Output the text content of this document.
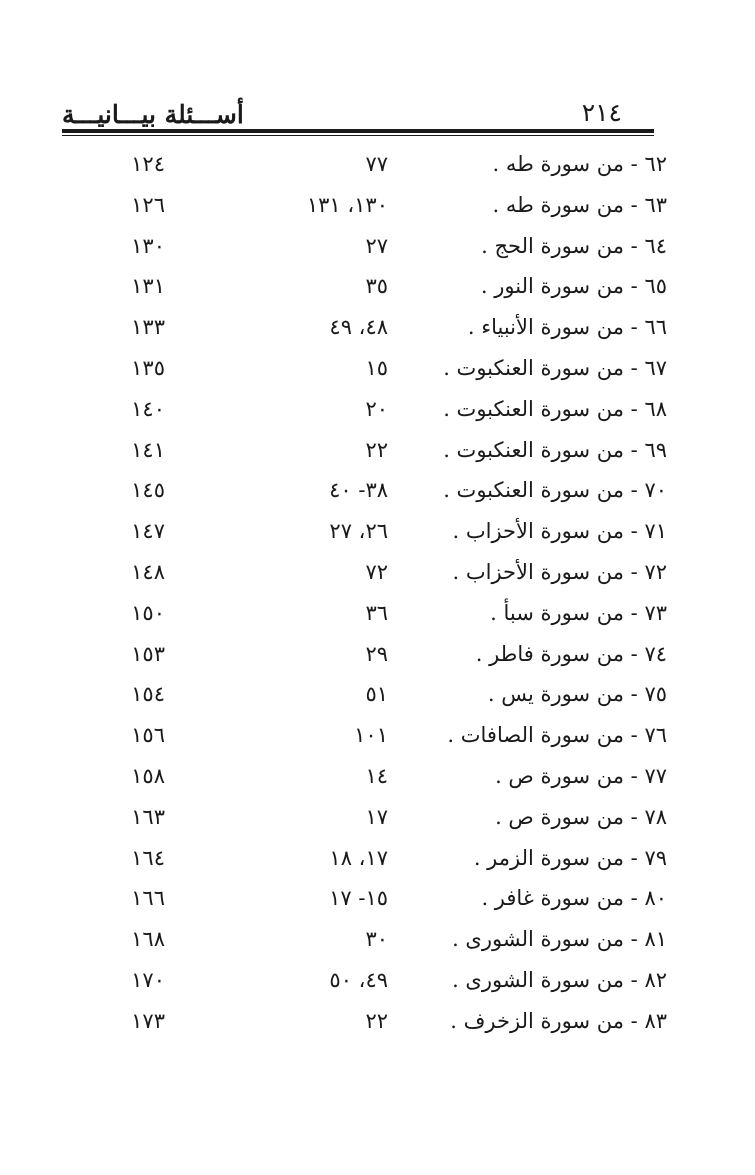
أســـئلة بيـــانيـــة	٢١٤
٦٢ - من سورة طه .
٧٧
١٢٤
٦٣ - من سورة طه .
١٣٠، ١٣١
١٢٦
٦٤ - من سورة الحج .
٢٧
١٣٠
٦٥ - من سورة النور .
٣٥
١٣١
٦٦ - من سورة الأنبياء .
٤٨، ٤٩
١٣٣
٦٧ - من سورة العنكبوت .
١٥
١٣٥
٦٨ - من سورة العنكبوت .
٢٠
١٤٠
٦٩ - من سورة العنكبوت .
٢٢
١٤١
٧٠ - من سورة العنكبوت .
٣٨- ٤٠
١٤٥
٧١ - من سورة الأحزاب .
٢٦، ٢٧
١٤٧
٧٢ - من سورة الأحزاب .
٧٢
١٤٨
٧٣ - من سورة سبأ .
٣٦
١٥٠
٧٤ - من سورة فاطر .
٢٩
١٥٣
٧٥ - من سورة يس .
٥١
١٥٤
٧٦ - من سورة الصافات .
١٠١
١٥٦
٧٧ - من سورة ص .
١٤
١٥٨
٧٨ - من سورة ص .
١٧
١٦٣
٧٩ - من سورة الزمر .
١٧، ١٨
١٦٤
٨٠ - من سورة غافر .
١٥- ١٧
١٦٦
٨١ - من سورة الشورى .
٣٠
١٦٨
٨٢ - من سورة الشورى .
٤٩، ٥٠
١٧٠
٨٣ - من سورة الزخرف .
٢٢
١٧٣
